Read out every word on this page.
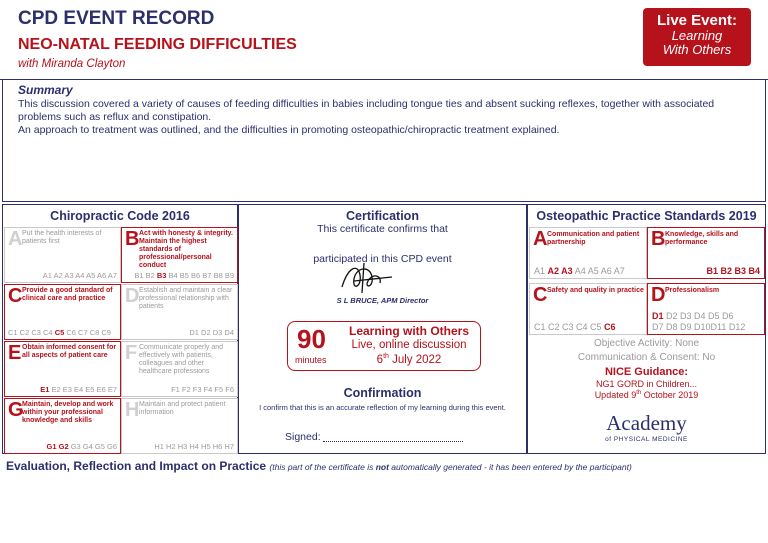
CPD EVENT RECORD
NEO-NATAL FEEDING DIFFICULTIES
with Miranda Clayton
Live Event:
Learning
With Others
Summary
This discussion covered a variety of causes of feeding difficulties in babies including tongue ties and absent sucking reflexes, together with associated problems such as reflux and constipation.
An approach to treatment was outlined, and the difficulties in promoting osteopathic/chiropractic treatment explained.
Chiropractic Code 2016
A Put the health interests of patients first
A1 A2 A3 A4 A5 A6 A7
B Act with honesty & integrity. Maintain the highest standards of professional/personal conduct
B1 B2 B3 B4 B5 B6 B7 B8 B9
C Provide a good standard of clinical care and practice
C1 C2 C3 C4 C5 C6 C7 C8 C9
D Establish and maintain a clear professional relationship with patients
D1 D2 D3 D4
E Obtain informed consent for all aspects of patient care
E1 E2 E3 E4 E5 E6 E7
F Communicate properly and effectively with patients, colleagues and other healthcare professions
F1 F2 F3 F4 F5 F6
G
Maintain, develop and work within your professional knowledge and skills
G1 G2 G3 G4 G5 G6
H Maintain and protect patient information
H1 H2 H3 H4 H5 H6 H7
Certification
This certificate confirms that
participated in this CPD event
S L BRUCE, APM Director
90
minutes
Learning with Others
Live, online discussion
6th July 2022
Confirmation
I confirm that this is an accurate reflection of my learning during this event.
Signed:
Osteopathic Practice Standards 2019
A Communication and patient partnership
A1 A2 A3 A4 A5 A6 A7
B Knowledge, skills and performance
B1 B2 B3 B4
C Safety and quality in practice
C1 C2 C3 C4 C5 C6
D Professionalism
D1 D2 D3 D4 D5 D6
D7 D8 D9 D10D11 D12
Objective Activity: None
Communication & Consent: No
NICE Guidance:
NG1 GORD in Children...
Updated 9th October 2019
Academy
of PHYSICAL MEDICINE
Evaluation, Reflection and Impact on Practice (this part of the certificate is not automatically generated - it has been entered by the participant)
